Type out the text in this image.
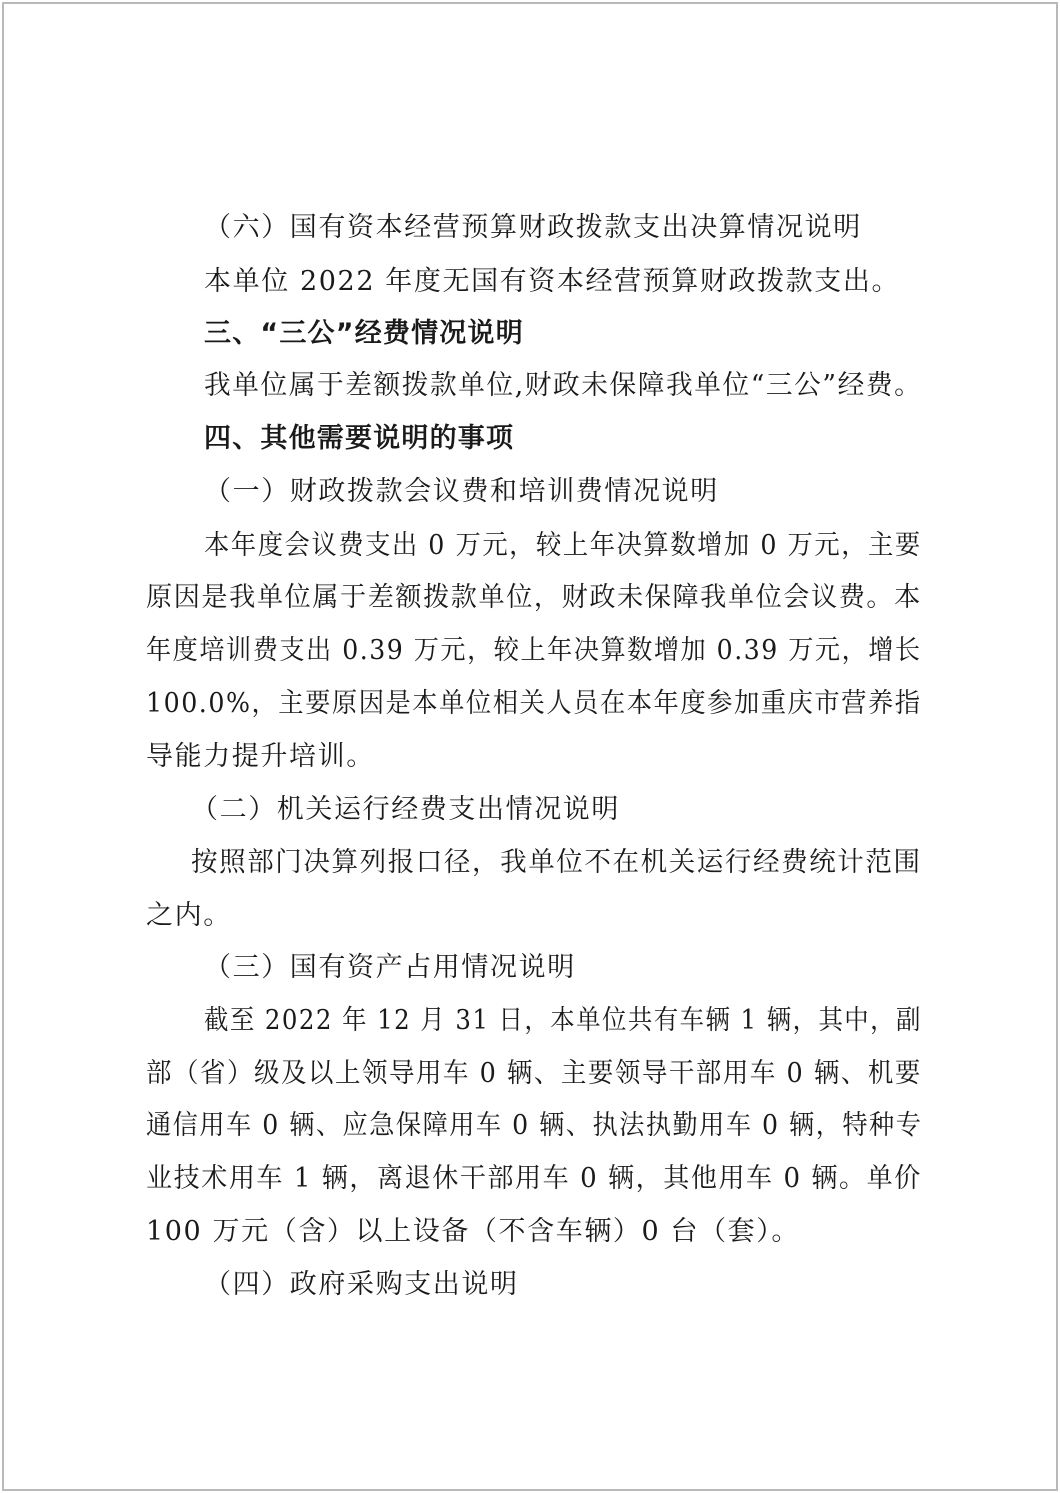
（六）国有资本经营预算财政拨款支出决算情况说明
本单位 2022 年度无国有资本经营预算财政拨款支出。
三、“三公”经费情况说明
我单位属于差额拨款单位,财政未保障我单位“三公”经费。
四、其他需要说明的事项
（一）财政拨款会议费和培训费情况说明
本年度会议费支出 0 万元，较上年决算数增加 0 万元，主要
原因是我单位属于差额拨款单位，财政未保障我单位会议费。本
年度培训费支出 0.39 万元，较上年决算数增加 0.39 万元，增长
100.0%，主要原因是本单位相关人员在本年度参加重庆市营养指
导能力提升培训。
（二）机关运行经费支出情况说明
按照部门决算列报口径，我单位不在机关运行经费统计范围
之内。
（三）国有资产占用情况说明
截至 2022 年 12 月 31 日，本单位共有车辆 1 辆，其中，副
部（省）级及以上领导用车 0 辆、主要领导干部用车 0 辆、机要
通信用车 0 辆、应急保障用车 0 辆、执法执勤用车 0 辆，特种专
业技术用车 1 辆，离退休干部用车 0 辆，其他用车 0 辆。单价
100 万元（含）以上设备（不含车辆）0 台（套）。
（四）政府采购支出说明
